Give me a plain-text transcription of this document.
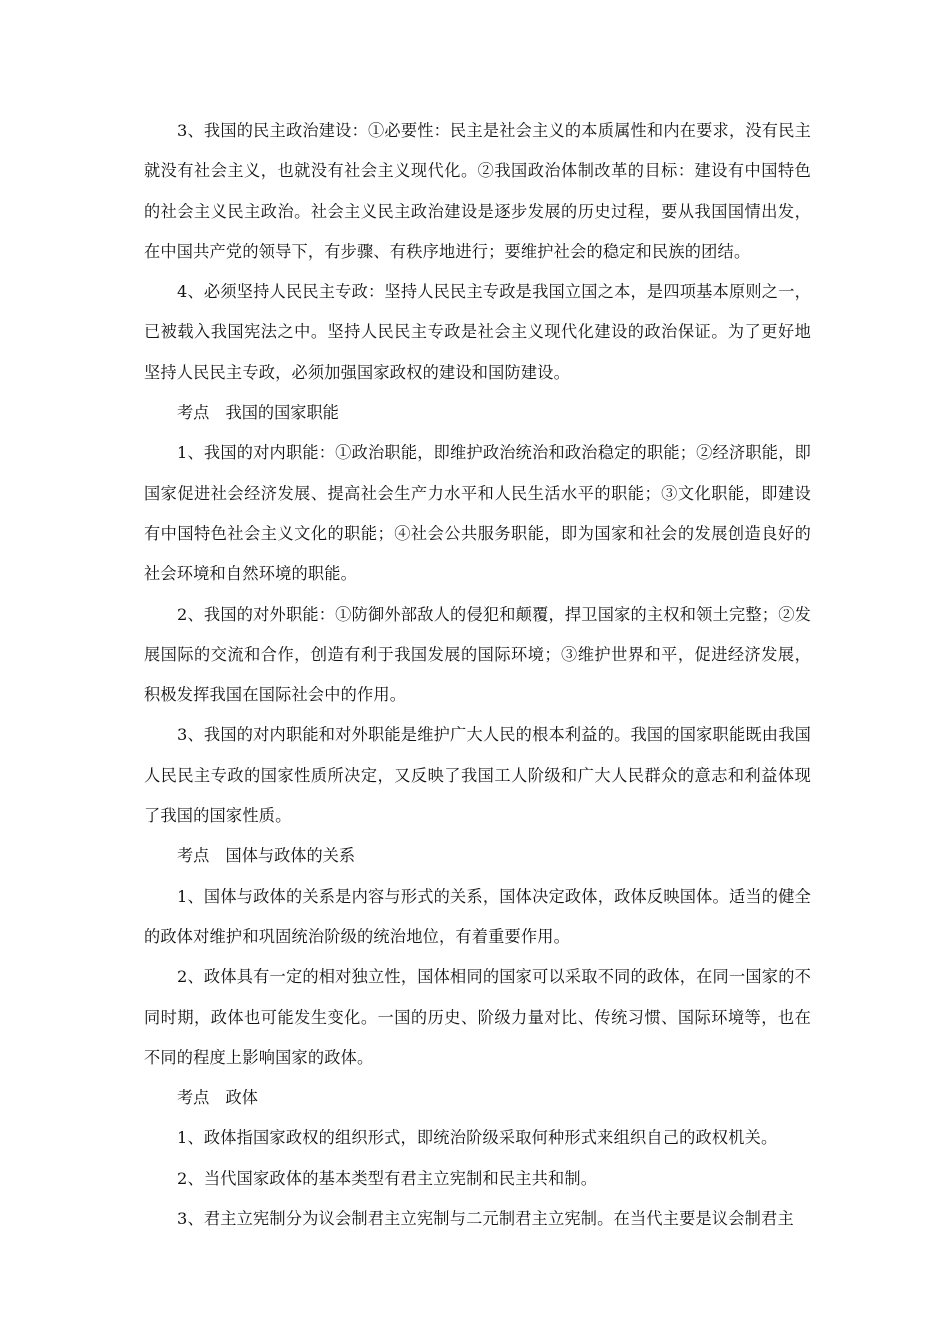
3、我国的民主政治建设：①必要性：民主是社会主义的本质属性和内在要求，没有民主就没有社会主义，也就没有社会主义现代化。②我国政治体制改革的目标：建设有中国特色的社会主义民主政治。社会主义民主政治建设是逐步发展的历史过程，要从我国国情出发，在中国共产党的领导下，有步骤、有秩序地进行；要维护社会的稳定和民族的团结。

4、必须坚持人民民主专政：坚持人民民主专政是我国立国之本，是四项基本原则之一，已被载入我国宪法之中。坚持人民民主专政是社会主义现代化建设的政治保证。为了更好地坚持人民民主专政，必须加强国家政权的建设和国防建设。

考点　我国的国家职能

1、我国的对内职能：①政治职能，即维护政治统治和政治稳定的职能；②经济职能，即国家促进社会经济发展、提高社会生产力水平和人民生活水平的职能；③文化职能，即建设有中国特色社会主义文化的职能；④社会公共服务职能，即为国家和社会的发展创造良好的社会环境和自然环境的职能。

2、我国的对外职能：①防御外部敌人的侵犯和颠覆，捍卫国家的主权和领土完整；②发展国际的交流和合作，创造有利于我国发展的国际环境；③维护世界和平，促进经济发展，积极发挥我国在国际社会中的作用。

3、我国的对内职能和对外职能是维护广大人民的根本利益的。我国的国家职能既由我国人民民主专政的国家性质所决定，又反映了我国工人阶级和广大人民群众的意志和利益体现了我国的国家性质。

考点　国体与政体的关系

1、国体与政体的关系是内容与形式的关系，国体决定政体，政体反映国体。适当的健全的政体对维护和巩固统治阶级的统治地位，有着重要作用。

2、政体具有一定的相对独立性，国体相同的国家可以采取不同的政体，在同一国家的不同时期，政体也可能发生变化。一国的历史、阶级力量对比、传统习惯、国际环境等，也在不同的程度上影响国家的政体。

考点　政体

1、政体指国家政权的组织形式，即统治阶级采取何种形式来组织自己的政权机关。

2、当代国家政体的基本类型有君主立宪制和民主共和制。

3、君主立宪制分为议会制君主立宪制与二元制君主立宪制。在当代主要是议会制君主
